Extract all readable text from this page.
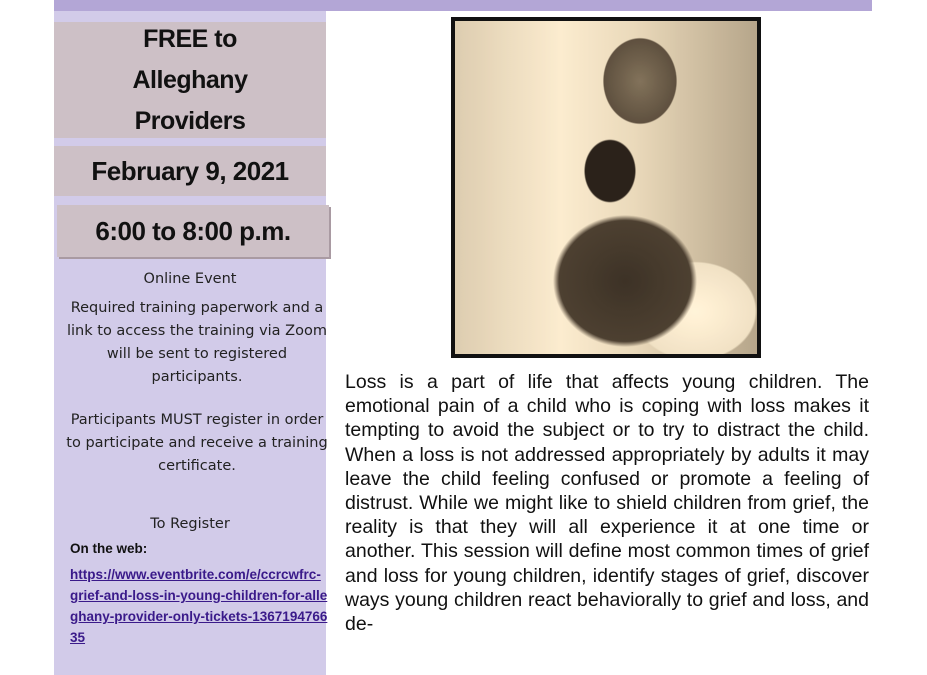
FREE to Alleghany Providers
February 9, 2021
6:00 to 8:00 p.m.
Online Event
Required training paperwork and a link to access the training via Zoom will be sent to registered participants.
Participants MUST register in order to participate and receive a training certificate.
To Register
On the web:
https://www.eventbrite.com/e/ccrcwfrc-grief-and-loss-in-young-children-for-alleghany-provider-only-tickets-136719476635
Loss is a part of life that affects young children. The emotional pain of a child who is coping with loss makes it tempting to avoid the subject or to try to distract the child. When a loss is not addressed appropriately by adults it may leave the child feeling confused or promote a feeling of distrust. While we might like to shield children from grief, the reality is that they will all experience it at one time or another. This session will define most common times of grief and loss for young children, identify stages of grief, discover ways young children react behaviorally to grief and loss, and de-
